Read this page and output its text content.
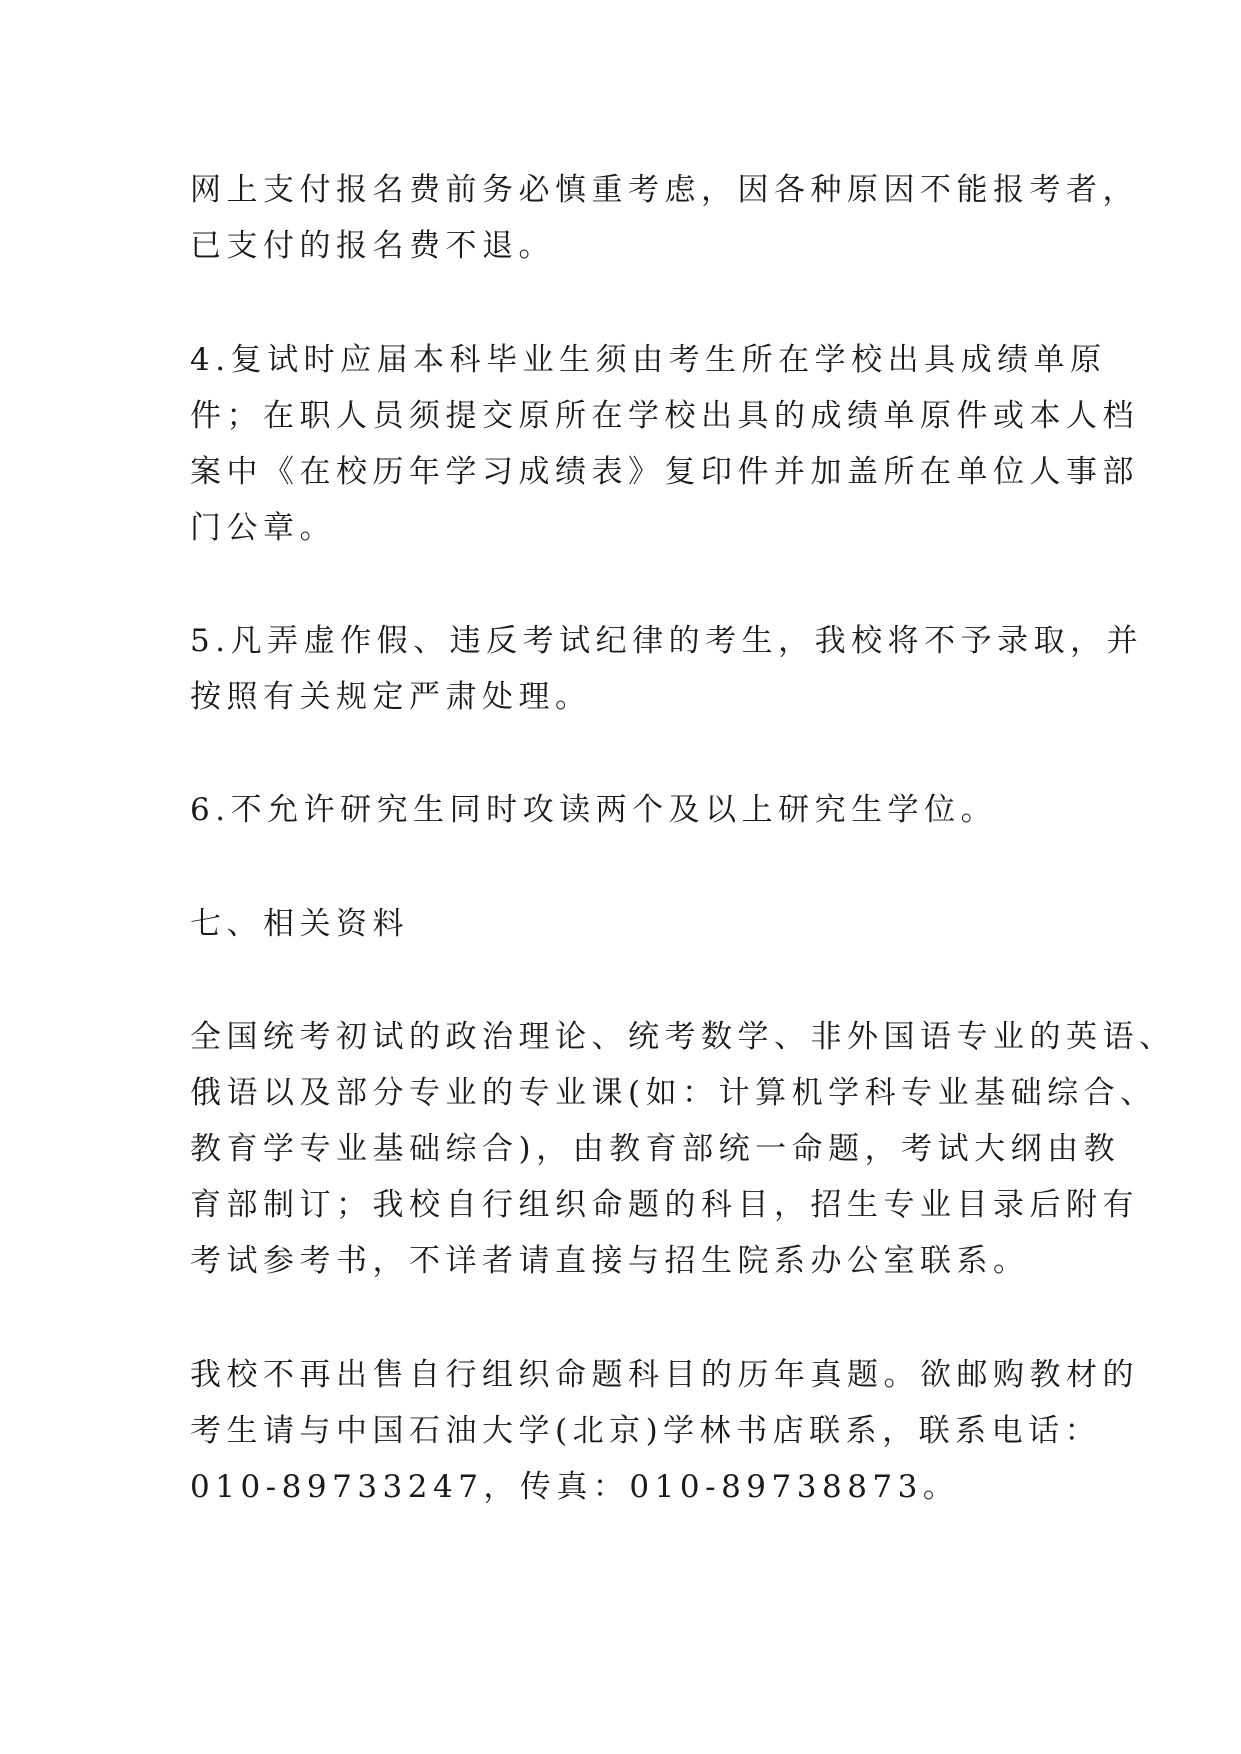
网上支付报名费前务必慎重考虑，因各种原因不能报考者，
已支付的报名费不退。
4.复试时应届本科毕业生须由考生所在学校出具成绩单原
件；在职人员须提交原所在学校出具的成绩单原件或本人档
案中《在校历年学习成绩表》复印件并加盖所在单位人事部
门公章。
5.凡弄虚作假、违反考试纪律的考生，我校将不予录取，并
按照有关规定严肃处理。
6.不允许研究生同时攻读两个及以上研究生学位。
七、相关资料
全国统考初试的政治理论、统考数学、非外国语专业的英语、
俄语以及部分专业的专业课(如：计算机学科专业基础综合、
教育学专业基础综合)，由教育部统一命题，考试大纲由教
育部制订；我校自行组织命题的科目，招生专业目录后附有
考试参考书，不详者请直接与招生院系办公室联系。
我校不再出售自行组织命题科目的历年真题。欲邮购教材的
考生请与中国石油大学(北京)学林书店联系，联系电话：
010-89733247，传真：010-89738873。
